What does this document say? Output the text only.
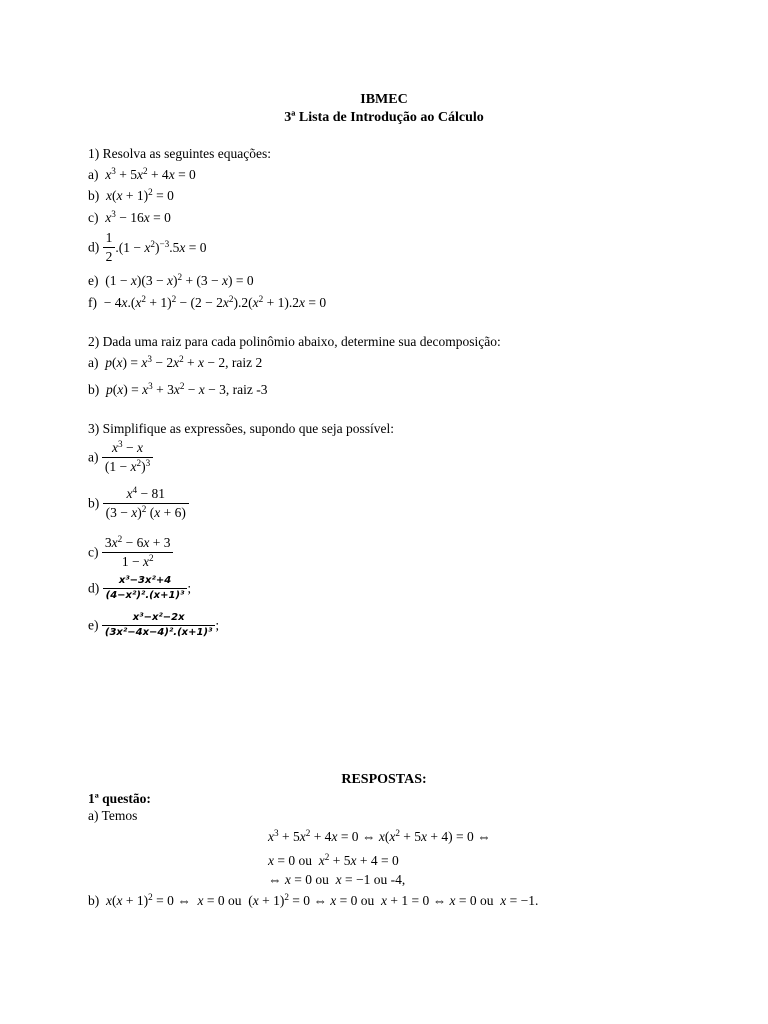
IBMEC
3ª Lista de Introdução ao Cálculo
1) Resolva as seguintes equações:
a) $x^3 + 5x^2 + 4x = 0$
b) $x(x + 1)^2 = 0$
c) $x^3 - 16x = 0$
$d) \frac{1}{2} .(1 - x^2)^{-3}.5x = 0$
e)  $(1 - x)(3 - x)^2 + (3 - x) = 0$
$f) - 4x.(x^2 + 1)^2 - (2 - 2x^2).2(x^2 + 1).2x = 0$
2) Dada uma raiz para cada polinômio abaixo, determine sua decomposição:
a) $p(x) = x^3 - 2x^2 + x - 2$, raiz 2
b) $p(x) = x^3 + 3x^2 - x - 3$, raiz -3
3) Simplifique as expressões, supondo que seja possível:
$a) \frac{x^3 - x}{(1 - x^2)^3}$
$b) \frac{x^4 - 81}{(3 - x)^2 (x + 6)}$
$c) \frac{3x^2 - 6x + 3}{1 - x^2}$
$d) \frac{\text{x³−3x²+4}}{\text{(4−x²)².(x+1)³}}$ ;
$e) \frac{\text{x³−x²−2x}}{\text{(3x²−4x−4)².(x+1)³}}$ ;
RESPOSTAS:
1ª questão:
a) Temos
$x^3 + 5x^2 + 4x = 0$ ⇔ $x(x^2 + 5x + 4) = 0$ ⇔
x = 0 ou $x^2 + 5x + 4 = 0$
⇔ x = 0 ou x = −1 ou -4,
b) $x(x + 1)^2 = 0$ ⇔  x = 0 ou  $(x + 1)^2 = 0$ ⇔ x = 0 ou x + 1 = 0 ⇔ x = 0 ou x = −1.
